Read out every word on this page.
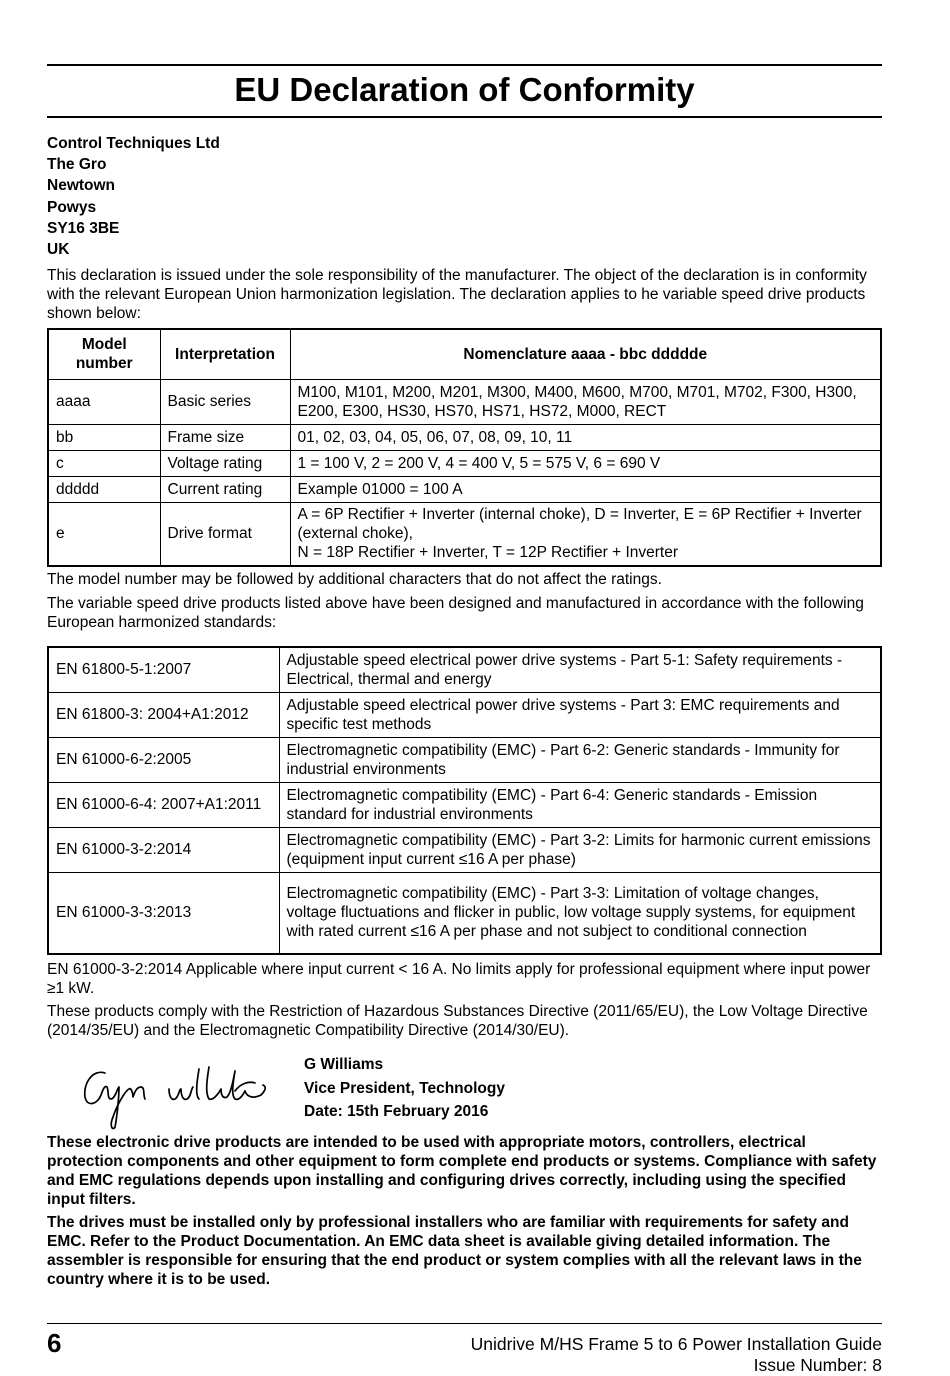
EU Declaration of Conformity
Control Techniques Ltd
The Gro
Newtown
Powys
SY16 3BE
UK
This declaration is issued under the sole responsibility of the manufacturer. The object of the declaration is in conformity with the relevant European Union harmonization legislation. The declaration applies to he variable speed drive products shown below:
Model number	Interpretation	Nomenclature aaaa - bbc ddddde
aaaa	Basic series	M100, M101, M200, M201, M300, M400, M600, M700, M701, M702, F300, H300, E200, E300, HS30, HS70, HS71, HS72, M000, RECT
bb	Frame size	01, 02, 03, 04, 05, 06, 07, 08, 09, 10, 11
c	Voltage rating	1 = 100 V, 2 = 200 V, 4 = 400 V, 5 = 575 V, 6 = 690 V
ddddd	Current rating	Example 01000 = 100 A
e	Drive format	A = 6P Rectifier + Inverter (internal choke), D = Inverter, E = 6P Rectifier + Inverter (external choke),
N = 18P Rectifier + Inverter, T = 12P Rectifier + Inverter
The model number may be followed by additional characters that do not affect the ratings.
The variable speed drive products listed above have been designed and manufactured in accordance with the following European harmonized standards:
EN 61800-5-1:2007	Adjustable speed electrical power drive systems - Part 5-1: Safety requirements - Electrical, thermal and energy
EN 61800-3: 2004+A1:2012	Adjustable speed electrical power drive systems - Part 3: EMC requirements and specific test methods
EN 61000-6-2:2005	Electromagnetic compatibility (EMC) - Part 6-2: Generic standards - Immunity for industrial environments
EN 61000-6-4: 2007+A1:2011	Electromagnetic compatibility (EMC) - Part 6-4: Generic standards - Emission standard for industrial environments
EN 61000-3-2:2014	Electromagnetic compatibility (EMC) - Part 3-2: Limits for harmonic current emissions (equipment input current ≤16 A per phase)
EN 61000-3-3:2013	Electromagnetic compatibility (EMC) - Part 3-3: Limitation of voltage changes, voltage fluctuations and flicker in public, low voltage supply systems, for equipment with rated current ≤16 A per phase and not subject to conditional connection
EN 61000-3-2:2014 Applicable where input current < 16 A. No limits apply for professional equipment where input power ≥1 kW.
These products comply with the Restriction of Hazardous Substances Directive (2011/65/EU), the Low Voltage Directive (2014/35/EU) and the Electromagnetic Compatibility Directive (2014/30/EU).
G Williams
Vice President, Technology
Date: 15th February 2016
These electronic drive products are intended to be used with appropriate motors, controllers, electrical protection components and other equipment to form complete end products or systems. Compliance with safety and EMC regulations depends upon installing and configuring drives correctly, including using the specified input filters.
The drives must be installed only by professional installers who are familiar with requirements for safety and EMC. Refer to the Product Documentation. An EMC data sheet is available giving detailed information. The assembler is responsible for ensuring that the end product or system complies with all the relevant laws in the country where it is to be used.
6	Unidrive M/HS Frame 5 to 6 Power Installation Guide
Issue Number: 8
